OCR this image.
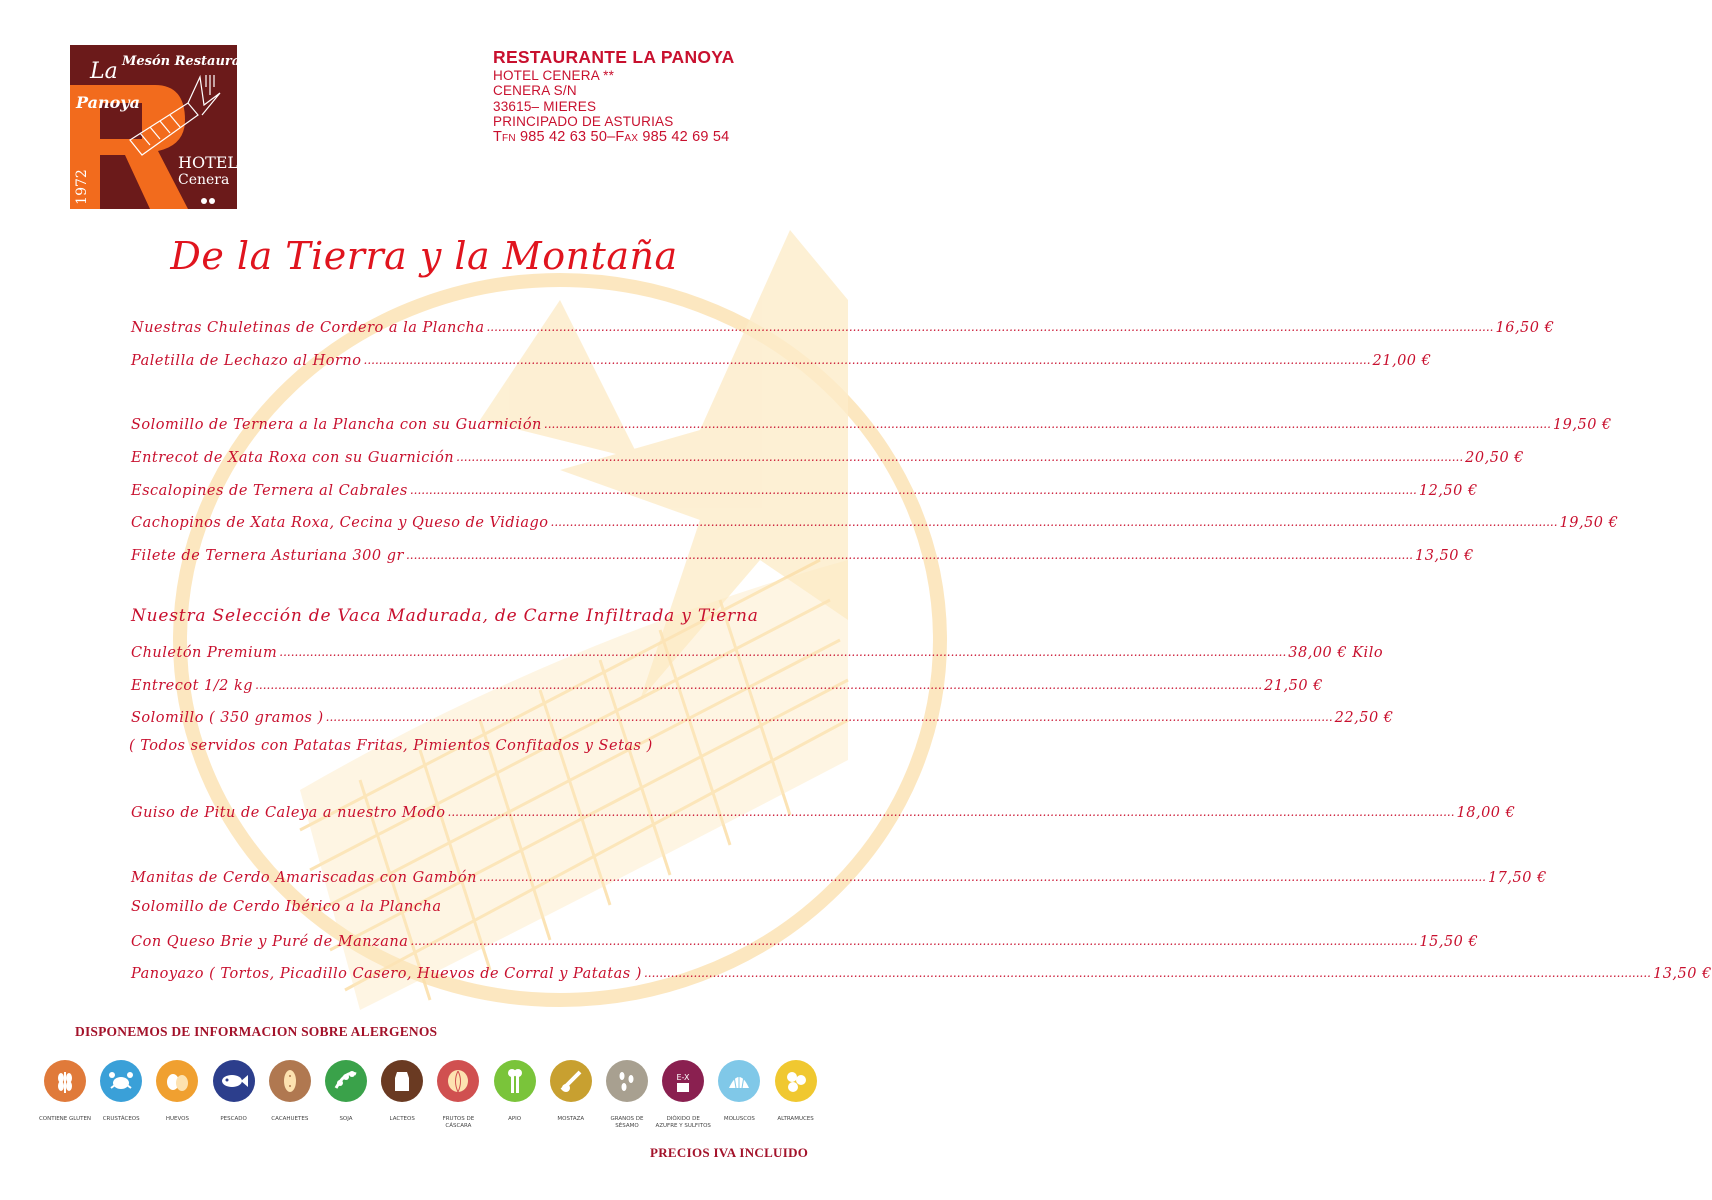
Mesón Restaurante
La
Panoya
HOTEL
Cenera
1972
RESTAURANTE LA PANOYA
HOTEL CENERA **
CENERA S/N
33615– MIERES
PRINCIPADO DE ASTURIAS
Tfn 985 42 63 50–Fax 985 42 69 54
De la Tierra y la Montaña
Nuestras Chuletinas de Cordero a la Plancha .....	16,50 €
Paletilla de Lechazo al Horno .....	21,00 €
Solomillo de Ternera a la Plancha con su Guarnición .....	19,50 €
Entrecot de Xata Roxa con su Guarnición .....	20,50 €
Escalopines de Ternera al Cabrales .....	12,50 €
Cachopinos de Xata Roxa, Cecina y Queso de Vidiago .....	19,50 €
Filete de Ternera Asturiana 300 gr .....	13,50 €
Nuestra Selección de Vaca Madurada, de Carne Infiltrada y Tierna
Chuletón Premium .....	38,00 € Kilo
Entrecot 1/2 kg .....	21,50 €
Solomillo ( 350 gramos ) .....	22,50 €
( Todos servidos con Patatas Fritas, Pimientos Confitados y Setas )
Guiso de Pitu de Caleya a nuestro Modo .....	18,00 €
Manitas de Cerdo Amariscadas con Gambón .....	17,50 €
Solomillo de Cerdo Ibérico a la Plancha
Con Queso Brie y Puré de Manzana .....	15,50 €
Panoyazo ( Tortos, Picadillo Casero, Huevos de Corral y Patatas ) .....	13,50 €
DISPONEMOS DE INFORMACION SOBRE ALERGENOS
CONTIENE GLUTEN	CRUSTÁCEOS	HUEVOS	PESCADO	CACAHUETES	SOJA	LACTEOS	FRUTOS DE CÁSCARA
APIO	MOSTAZA	GRANOS DE SÉSAMO
E-X
DIÓXIDO DE AZUFRE Y SULFITOS
MOLUSCOS	ALTRAMUCES
PRECIOS IVA INCLUIDO
